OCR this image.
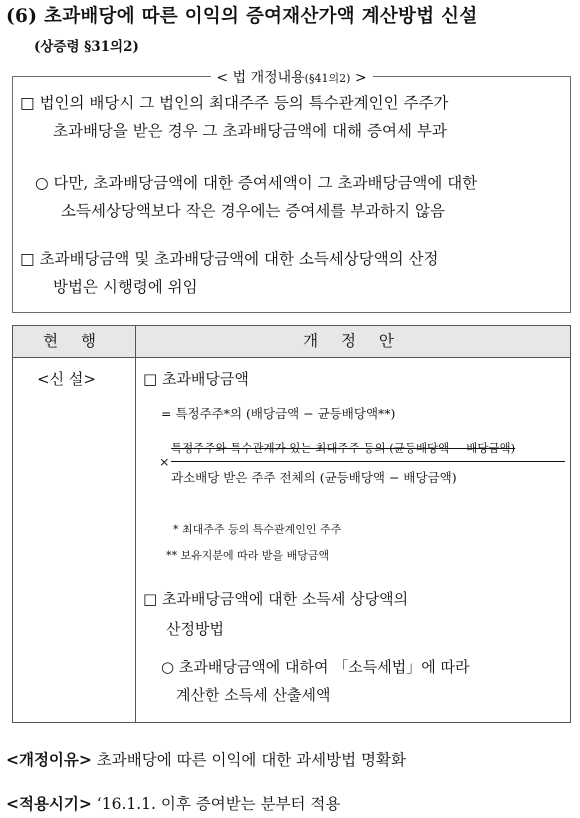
(6) 초과배당에 따른 이익의 증여재산가액 계산방법 신설
(상증령 §31의2)
< 법 개정내용(§41의2) >
□ 법인의 배당시 그 법인의 최대주주 등의 특수관계인인 주주가
초과배당을 받은 경우 그 초과배당금액에 대해 증여세 부과
○ 다만, 초과배당금액에 대한 증여세액이 그 초과배당금액에 대한
소득세상당액보다 작은 경우에는 증여세를 부과하지 않음
□ 초과배당금액 및 초과배당금액에 대한 소득세상당액의 산정
방법은 시행령에 위임
현 행	개 정 안
<신 설>	□ 초과배당금액
= 특정주주*의 (배당금액 − 균등배당액**)
×
특정주주와 특수관계가 있는 최대주주 등의 (균등배당액 − 배당금액)
과소배당 받은 주주 전체의 (균등배당액 − 배당금액)
* 최대주주 등의 특수관계인인 주주
** 보유지분에 따라 받을 배당금액
□ 초과배당금액에 대한 소득세 상당액의
산정방법
○ 초과배당금액에 대하여 「소득세법」에 따라
계산한 소득세 산출세액
<개정이유> 초과배당에 따른 이익에 대한 과세방법 명확화
<적용시기> ‘16.1.1. 이후 증여받는 분부터 적용
